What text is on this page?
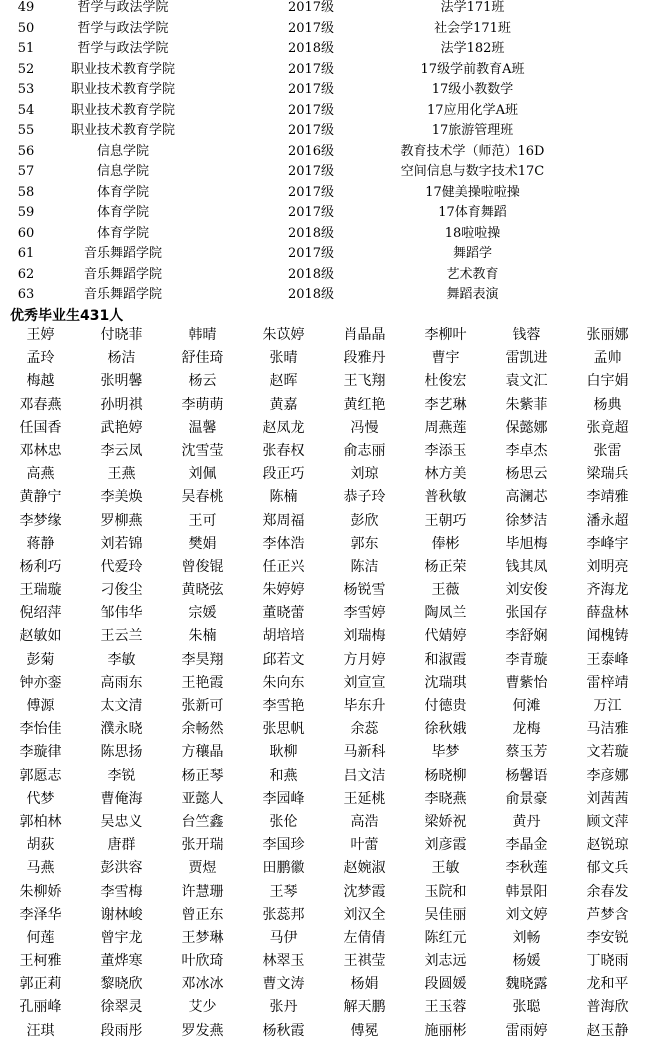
49	哲学与政法学院	2017级	法学171班
50	哲学与政法学院	2017级	社会学171班
51	哲学与政法学院	2018级	法学182班
52	职业技术教育学院	2017级	17级学前教育A班
53	职业技术教育学院	2017级	17级小教数学
54	职业技术教育学院	2017级	17应用化学A班
55	职业技术教育学院	2017级	17旅游管理班
56	信息学院	2016级	教育技术学（师范）16D
57	信息学院	2017级	空间信息与数字技术17C
58	体育学院	2017级	17健美操啦啦操
59	体育学院	2017级	17体育舞蹈
60	体育学院	2018级	18啦啦操
61	音乐舞蹈学院	2017级	舞蹈学
62	音乐舞蹈学院	2018级	艺术教育
63	音乐舞蹈学院	2018级	舞蹈表演
优秀毕业生431人
王婷	付晓菲	韩晴	朱苡婷	肖晶晶	李柳叶	钱蓉	张丽娜
孟玲	杨洁	舒佳琦	张晴	段雅丹	曹宇	雷凯进	孟帅
梅越	张明馨	杨云	赵晖	王飞翔	杜俊宏	袁文汇	白宇娟
邓春燕	孙明祺	李萌萌	黄嘉	黄红艳	李艺琳	朱紫菲	杨典
任国香	武艳婷	温馨	赵凤龙	冯慢	周燕莲	保懿娜	张竟超
邓林忠	李云凤	沈雪莹	张春权	俞志丽	李添玉	李卓杰	张雷
高燕	王燕	刘佩	段正巧	刘琼	林方美	杨思云	梁瑞兵
黄静宁	李美焕	吴春桃	陈楠	恭子玲	普秋敏	高澜芯	李靖雅
李梦缘	罗柳燕	王可	郑周福	彭欣	王朝巧	徐梦洁	潘永超
蒋静	刘若锦	樊娟	李体浩	郭东	俸彬	毕旭梅	李峰宇
杨利巧	代爱玲	曾俊锟	任正兴	陈洁	杨正荣	钱其凤	刘明亮
王瑞璇	刁俊尘	黄晓弦	朱婷婷	杨锐雪	王薇	刘安俊	齐海龙
倪绍萍	邹伟华	宗媛	董晓蕾	李雪婷	陶凤兰	张国存	薛盘林
赵敏如	王云兰	朱楠	胡培培	刘瑞梅	代婧婷	李舒娴	闻槐铸
彭菊	李敏	李昊翔	邱若文	方月婷	和淑霞	李青璇	王泰峰
钟亦銮	高雨东	王艳霞	朱向东	刘宣宣	沈瑞琪	曹紫怡	雷梓靖
傅源	太文清	张新可	李雪艳	毕东升	付德贵	何滩	万江
李怡佳	濮永晓	余畅然	张思帆	余蕊	徐秋娥	龙梅	马洁雅
李璇律	陈思扬	方穰晶	耿柳	马新科	毕梦	蔡玉芳	文若璇
郭愿志	李锐	杨正琴	和燕	吕文洁	杨晓柳	杨馨语	李彦娜
代梦	曹俺海	亚懿人	李园峰	王延桃	李晓燕	俞景豪	刘茜茜
郭柏林	吴忠义	台竺鑫	张伦	高浩	梁娇祝	黄丹	顾文萍
胡荻	唐群	张开瑞	李国珍	叶蕾	刘彦霞	李晶金	赵锐琼
马燕	彭洪容	贾煜	田鹏徽	赵婉淑	王敏	李秋莲	郁文兵
朱柳娇	李雪梅	许慧珊	王琴	沈梦霞	玉院和	韩景阳	余春发
李泽华	谢林峻	曾正东	张蕊邦	刘汉全	吴佳丽	刘文婷	芦梦含
何莲	曾宇龙	王梦琳	马伊	左倩倩	陈红元	刘畅	李安锐
王柯雅	董烨寒	叶欣琦	林翠玉	王祺莹	刘志远	杨媛	丁晓雨
郭正莉	黎晓欣	邓冰冰	曹文涛	杨娟	段圆媛	魏晓露	龙和平
孔丽峰	徐翠灵	艾少	张丹	解天鹏	王玉蓉	张聪	普海欣
汪琪	段雨彤	罗发燕	杨秋霞	傅冕	施丽彬	雷雨婷	赵玉静
